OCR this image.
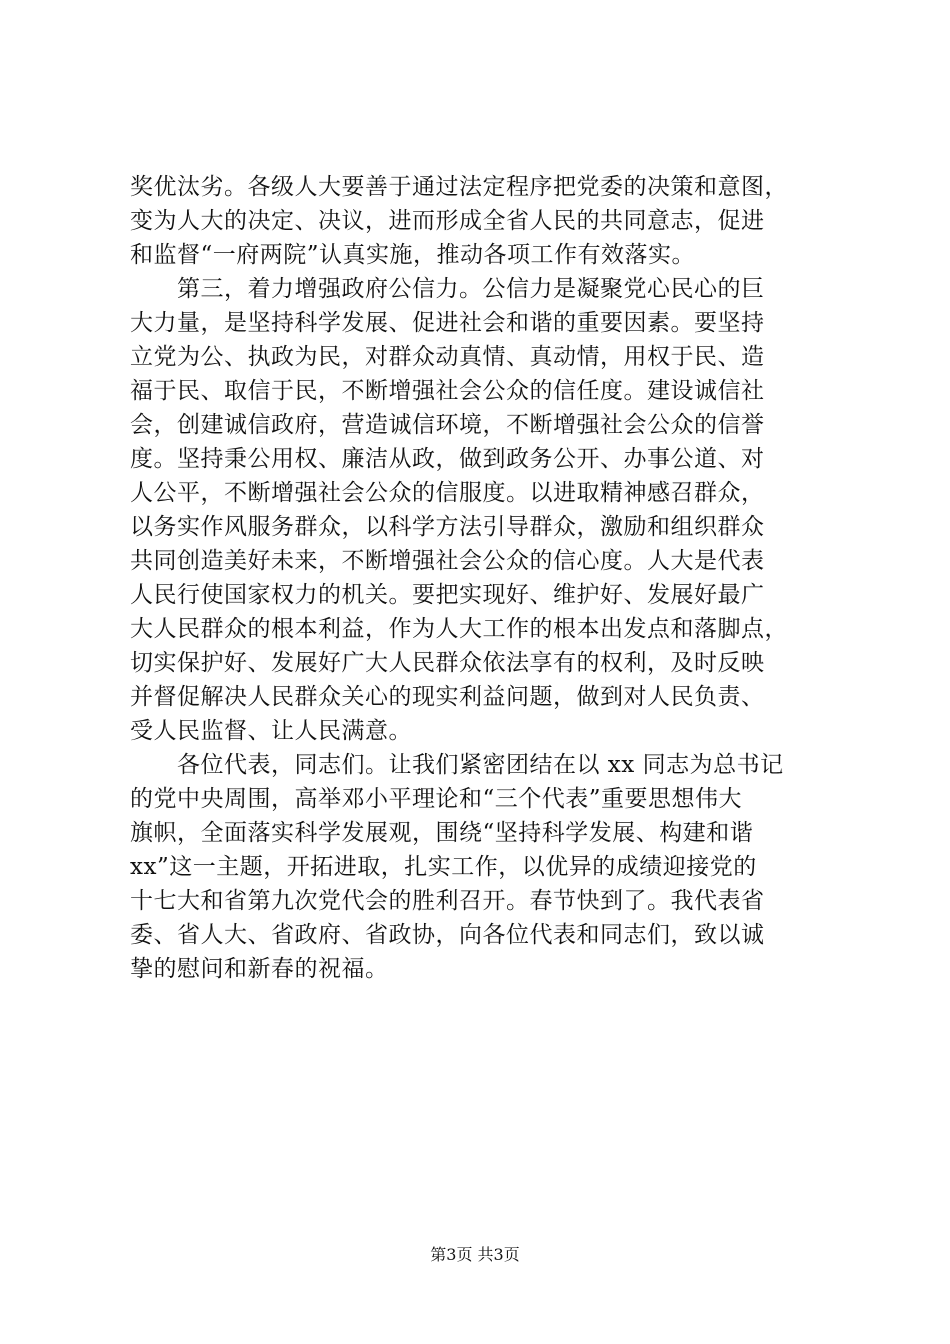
奖优汰劣。各级人大要善于通过法定程序把党委的决策和意图，
变为人大的决定、决议，进而形成全省人民的共同意志，促进
和监督“一府两院”认真实施，推动各项工作有效落实。
　　第三，着力增强政府公信力。公信力是凝聚党心民心的巨
大力量，是坚持科学发展、促进社会和谐的重要因素。要坚持
立党为公、执政为民，对群众动真情、真动情，用权于民、造
福于民、取信于民，不断增强社会公众的信任度。建设诚信社
会，创建诚信政府，营造诚信环境，不断增强社会公众的信誉
度。坚持秉公用权、廉洁从政，做到政务公开、办事公道、对
人公平，不断增强社会公众的信服度。以进取精神感召群众，
以务实作风服务群众，以科学方法引导群众，激励和组织群众
共同创造美好未来，不断增强社会公众的信心度。人大是代表
人民行使国家权力的机关。要把实现好、维护好、发展好最广
大人民群众的根本利益，作为人大工作的根本出发点和落脚点，
切实保护好、发展好广大人民群众依法享有的权利，及时反映
并督促解决人民群众关心的现实利益问题，做到对人民负责、
受人民监督、让人民满意。
　　各位代表，同志们。让我们紧密团结在以 xx 同志为总书记
的党中央周围，高举邓小平理论和“三个代表”重要思想伟大
旗帜，全面落实科学发展观，围绕“坚持科学发展、构建和谐
xx”这一主题，开拓进取，扎实工作，以优异的成绩迎接党的
十七大和省第九次党代会的胜利召开。春节快到了。我代表省
委、省人大、省政府、省政协，向各位代表和同志们，致以诚
挚的慰问和新春的祝福。
第3页 共3页
